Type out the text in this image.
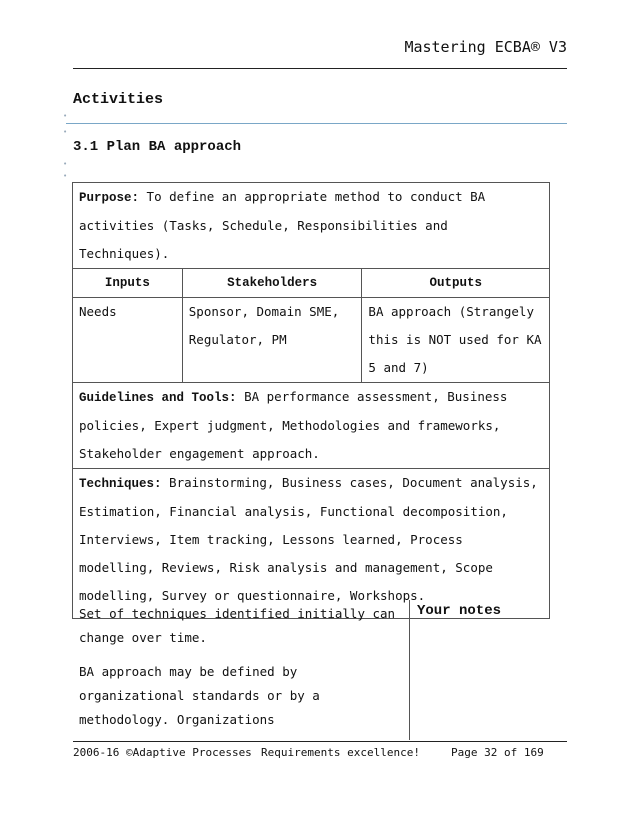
Mastering ECBA® V3
•
•
•
•
Activities
3.1 Plan BA approach
Purpose: To define an appropriate method to conduct BA activities (Tasks, Schedule, Responsibilities and Techniques).		
Inputs	Stakeholders	Outputs
Needs	Sponsor, Domain SME, Regulator, PM	BA approach (Strangely this is NOT used for KA 5 and 7)
Guidelines and Tools: BA performance assessment, Business policies, Expert judgment, Methodologies and frameworks, Stakeholder engagement approach.		
Techniques: Brainstorming, Business cases, Document analysis, Estimation, Financial analysis, Functional decomposition, Interviews, Item tracking, Lessons learned, Process modelling, Reviews, Risk analysis and management, Scope modelling, Survey or questionnaire, Workshops.		

Set of techniques identified initially can change over time.

BA approach may be defined by organizational standards or by a methodology. Organizations

Your notes
2006-16 ©Adaptive Processes Requirements excellence!	Page 32 of 169
